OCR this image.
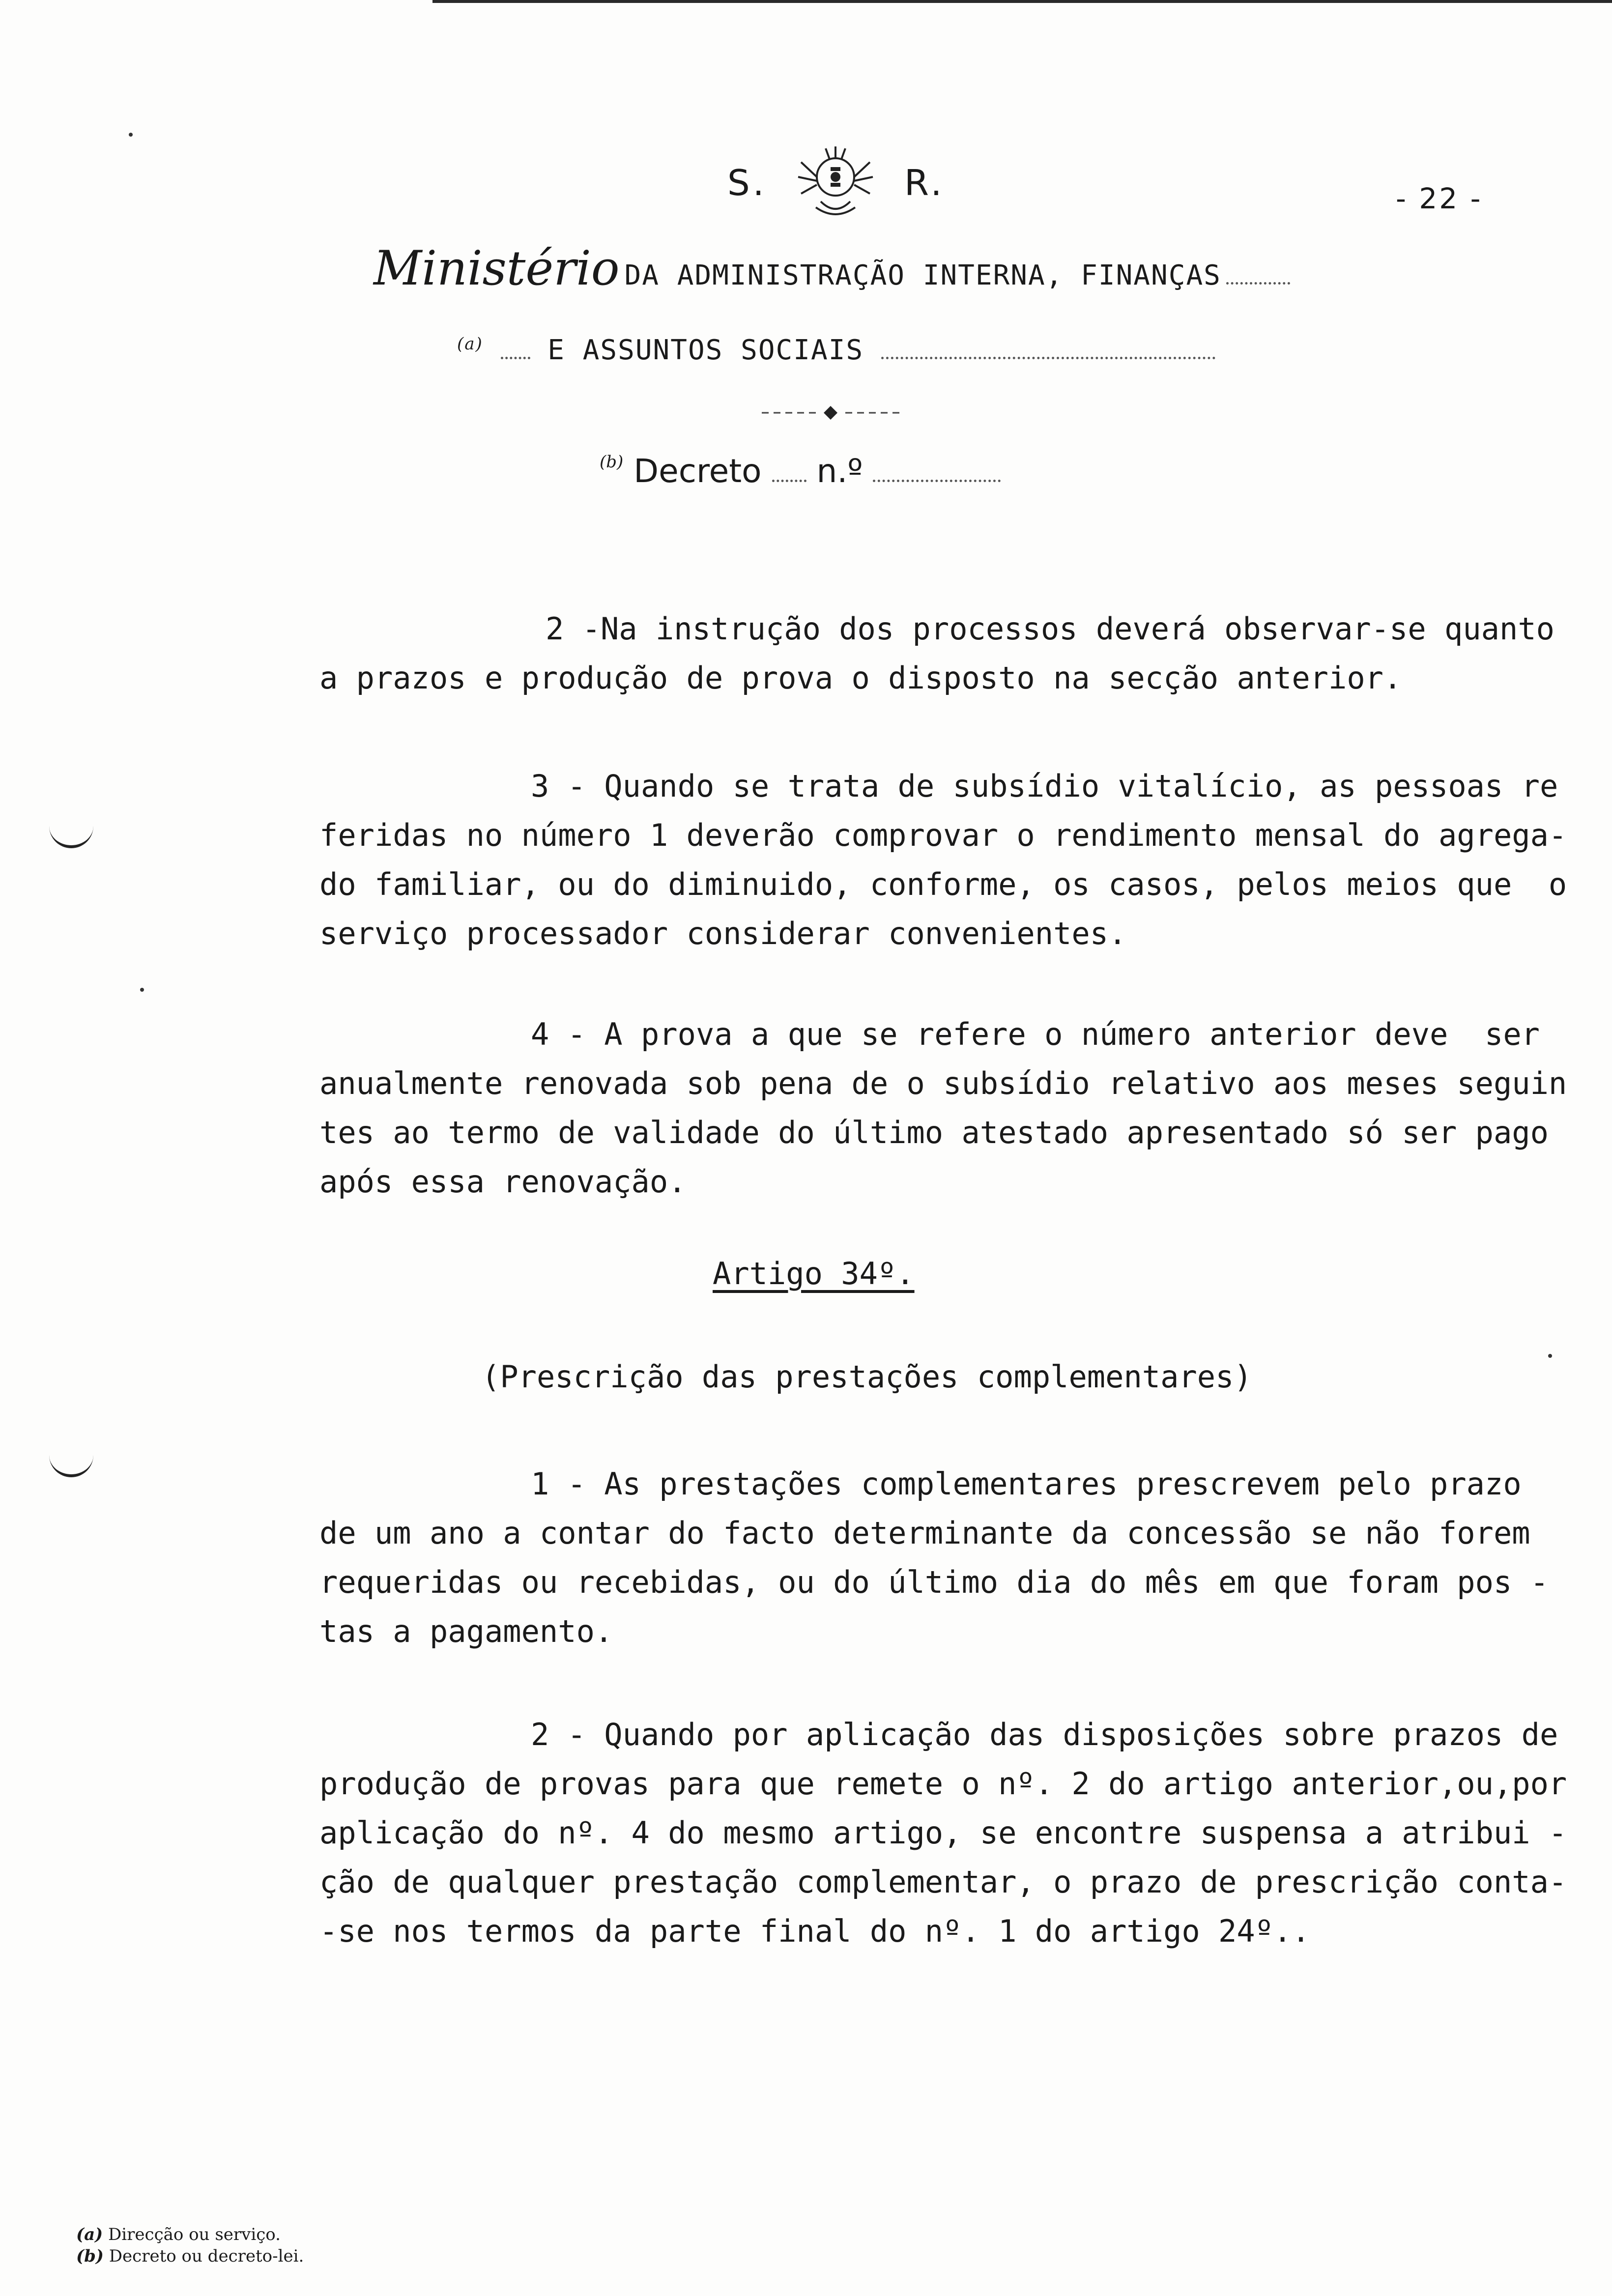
S.	R.	- 22 -
Ministério DA ADMINISTRAÇÃO INTERNA, FINANÇAS
$^{(a)}$ E ASSUNTOS SOCIAIS
$^{(b)}$ Decreto n.º
2 -Na instrução dos processos deverá observar-se quanto
a prazos e produção de prova o disposto na secção anterior.
3 - Quando se trata de subsídio vitalício, as pessoas re
feridas no número 1 deverão comprovar o rendimento mensal do agrega-
do familiar, ou do diminuido, conforme, os casos, pelos meios que  o
serviço processador considerar convenientes.
4 - A prova a que se refere o número anterior deve  ser
anualmente renovada sob pena de o subsídio relativo aos meses seguin
tes ao termo de validade do último atestado apresentado só ser pago
após essa renovação.
Artigo 34º.
(Prescrição das prestações complementares)
1 - As prestações complementares prescrevem pelo prazo
de um ano a contar do facto determinante da concessão se não forem
requeridas ou recebidas, ou do último dia do mês em que foram pos -
tas a pagamento.
2 - Quando por aplicação das disposições sobre prazos de
produção de provas para que remete o nº. 2 do artigo anterior,ou,por
aplicação do nº. 4 do mesmo artigo, se encontre suspensa a atribui -
ção de qualquer prestação complementar, o prazo de prescrição conta-
-se nos termos da parte final do nº. 1 do artigo 24º..
(a) Direcção ou serviço.
(b) Decreto ou decreto-lei.
